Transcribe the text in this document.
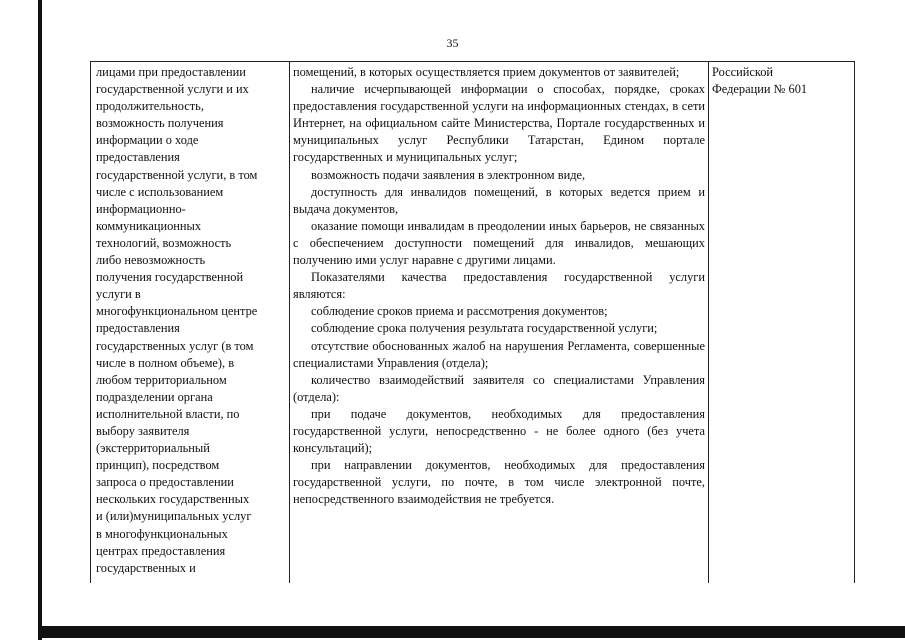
35
лицами при предоставлении
государственной услуги и их
продолжительность,
возможность получения
информации о ходе
предоставления
государственной услуги, в том
числе с использованием
информационно-
коммуникационных
технологий, возможность
либо невозможность
получения государственной
услуги в
многофункциональном центре
предоставления
государственных услуг (в том
числе в полном объеме), в
любом территориальном
подразделении органа
исполнительной власти, по
выбору заявителя
(экстерриториальный
принцип), посредством
запроса о предоставлении
нескольких государственных
и (или)муниципальных услуг
в многофункциональных
центрах предоставления
государственных и
помещений, в которых осуществляется прием документов от заявителей;
наличие исчерпывающей информации о способах, порядке, сроках предоставления государственной услуги на информационных стендах, в сети Интернет, на официальном сайте Министерства, Портале государственных и муниципальных услуг Республики Татарстан, Едином портале государственных и муниципальных услуг;
возможность подачи заявления в электронном виде,
доступность для инвалидов помещений, в которых ведется прием и выдача документов,
оказание помощи инвалидам в преодолении иных барьеров, не связанных с обеспечением доступности помещений для инвалидов, мешающих получению ими услуг наравне с другими лицами.
Показателями качества предоставления государственной услуги являются:
соблюдение сроков приема и рассмотрения документов;
соблюдение срока получения результата государственной услуги;
отсутствие обоснованных жалоб на нарушения Регламента, совершенные специалистами Управления (отдела);
количество взаимодействий заявителя со специалистами Управления (отдела):
при подаче документов, необходимых для предоставления государственной услуги, непосредственно - не более одного (без учета консультаций);
при направлении документов, необходимых для предоставления государственной услуги, по почте, в том числе электронной почте, непосредственного взаимодействия не требуется.
Российской
Федерации № 601
